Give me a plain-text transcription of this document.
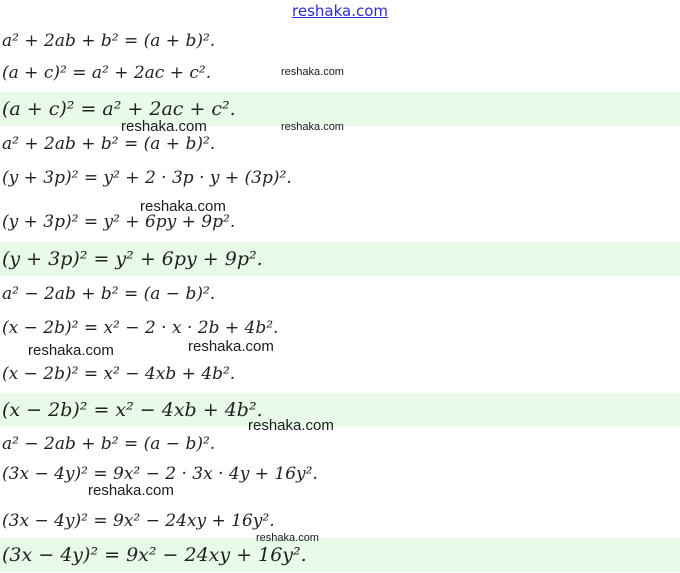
reshaka.com
a² + 2ab + b² = (a + b)².
(a + c)² = a² + 2ac + c².
(a + c)² = a² + 2ac + c².
a² + 2ab + b² = (a + b)².
(y + 3p)² = y² + 2 · 3p · y + (3p)².
(y + 3p)² = y² + 6py + 9p².
(y + 3p)² = y² + 6py + 9p².
a² − 2ab + b² = (a − b)².
(x − 2b)² = x² − 2 · x · 2b + 4b².
(x − 2b)² = x² − 4xb + 4b².
(x − 2b)² = x² − 4xb + 4b².
a² − 2ab + b² = (a − b)².
(3x − 4y)² = 9x² − 2 · 3x · 4y + 16y².
(3x − 4y)² = 9x² − 24xy + 16y².
(3x − 4y)² = 9x² − 24xy + 16y².
reshaka.com
reshaka.com	reshaka.com
reshaka.com
reshaka.com	reshaka.com
reshaka.com
reshaka.com
reshaka.com
